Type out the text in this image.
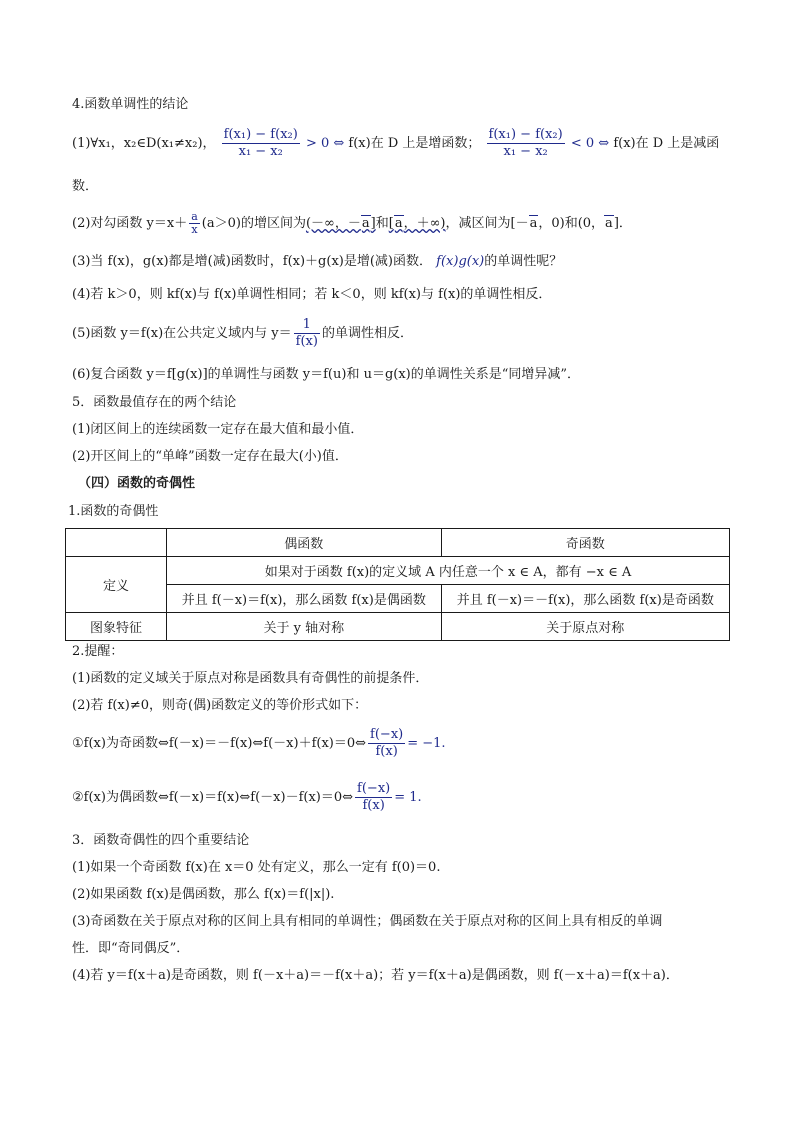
4.函数单调性的结论
(1)∀x₁，x₂∈D(x₁≠x₂)， $\frac{\text{f(x₁) − f(x₂)}}{\text{x₁ − x₂}} > 0$ ⇔ f(x)在 D 上是增函数； $\frac{\text{f(x₁) − f(x₂)}}{\text{x₁ − x₂}} < 0$ ⇔ f(x)在 D 上是减函
数．
(2)对勾函数 $y=x+ \frac{a}{x} (a>0)$的增区间为(－∞，－a]和[a，＋∞)，减区间为[－a，0)和(0，a]．
(3)当 f(x)，g(x)都是增(减)函数时，f(x)＋g(x)是增(减)函数． f(x)g(x)的单调性呢？
(4)若 k＞0，则 kf(x)与 f(x)单调性相同；若 k＜0，则 kf(x)与 f(x)的单调性相反．
(5)函数 y＝f(x)在公共定义域内与 $y= \frac{1}{f(x)}$ 的单调性相反．
(6)复合函数 y＝f[g(x)]的单调性与函数 y＝f(u)和 u＝g(x)的单调性关系是“同增异减”．
5．函数最值存在的两个结论
(1)闭区间上的连续函数一定存在最大值和最小值．
(2)开区间上的“单峰”函数一定存在最大(小)值．
（四）函数的奇偶性
1.函数的奇偶性
	偶函数	奇函数
定义	如果对于函数 f(x)的定义域 A 内任意一个 x ∈ A，都有 −x ∈ A	
	并且 f(－x)＝f(x)，那么函数 f(x)是偶函数	并且 f(－x)＝－f(x)，那么函数 f(x)是奇函数
图象特征	关于 y 轴对称	关于原点对称
2.提醒：
(1)函数的定义域关于原点对称是函数具有奇偶性的前提条件．
(2)若 f(x)≠0，则奇(偶)函数定义的等价形式如下：
①f(x)为奇函数⇔f(－x)＝－f(x)⇔f(－x)＋f(x)＝0⇔ $\frac{f(-x)}{f(x)} = -1$.
②f(x)为偶函数⇔f(－x)＝f(x)⇔f(－x)－f(x)＝0⇔ $\frac{f(-x)}{f(x)} = 1$.
3．函数奇偶性的四个重要结论
(1)如果一个奇函数 f(x)在 x＝0 处有定义，那么一定有 f(0)＝0.
(2)如果函数 f(x)是偶函数，那么 f(x)＝f(|x|).
(3)奇函数在关于原点对称的区间上具有相同的单调性；偶函数在关于原点对称的区间上具有相反的单调
性．即“奇同偶反”．
(4)若 y＝f(x＋a)是奇函数，则 f(－x＋a)＝－f(x＋a)；若 y＝f(x＋a)是偶函数，则 f(－x＋a)＝f(x＋a)．
